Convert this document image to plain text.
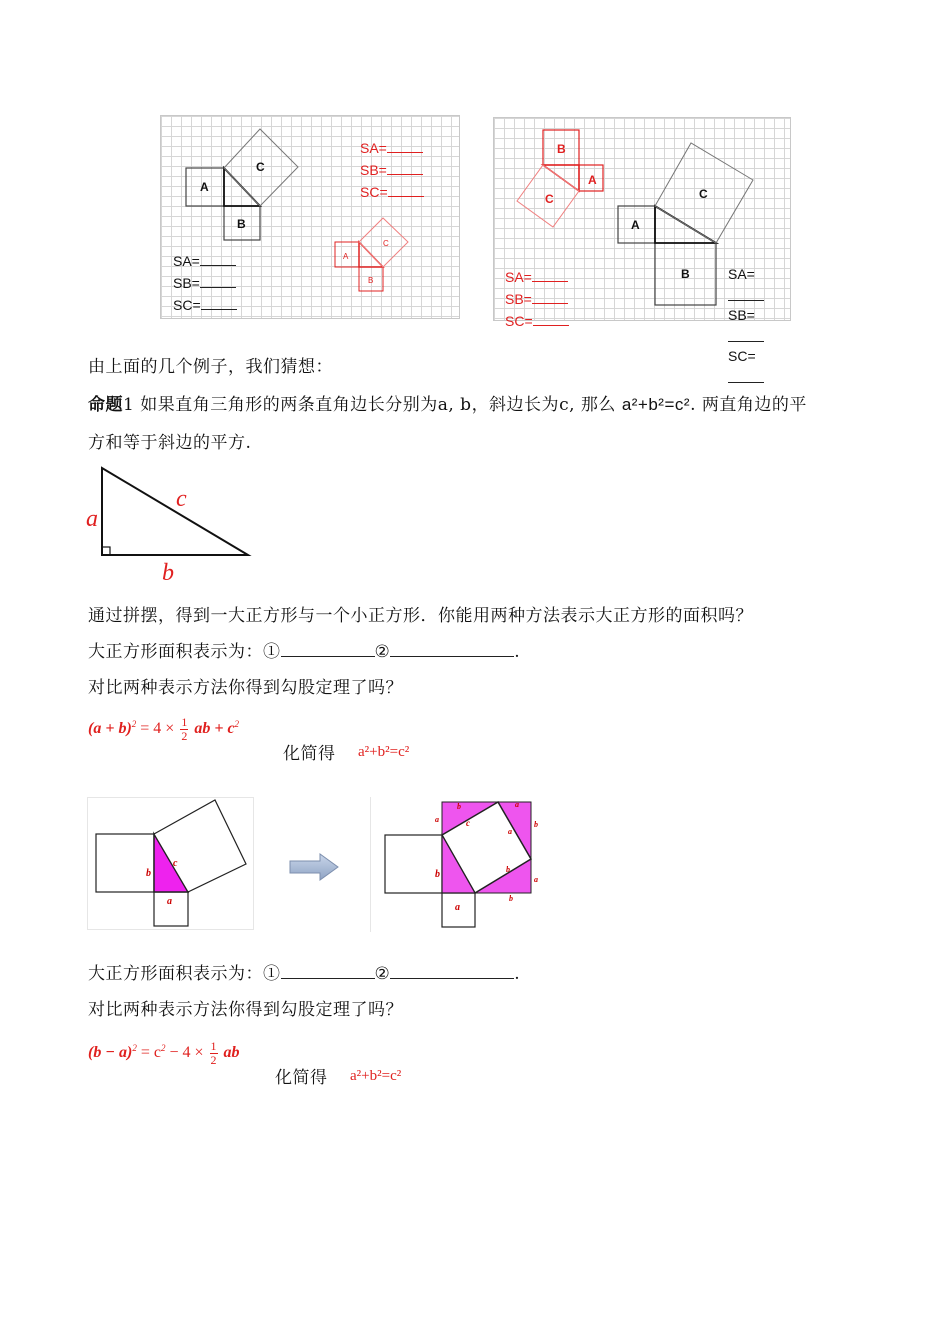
A
B
C
A
B
C
SA=
SB=
SC=
SA=
SB=
SC=
B
A
C
A
B
C
SA=
SB=
SC=
SA=
SB=
SC=
由上面的几个例子，我们猜想：
命题1 如果直角三角形的两条直角边长分别为a, b，斜边长为c, 那么 a²+b²=c². 两直角边的平
方和等于斜边的平方.
a
c
b
通过拼摆，得到一大正方形与一个小正方形．你能用两种方法表示大正方形的面积吗？
大正方形面积表示为：①	②	.
对比两种表示方法你得到勾股定理了吗？
$(a + b)^2 = 4 \times \frac{1}{2}$ ab + $c^2$
化简得 a²+b²=c²
b
c
a
b
a
c
b	a
b
a
b
a
b
a
大正方形面积表示为：①	②	.
对比两种表示方法你得到勾股定理了吗？
$(b - a)^2 = c^2 - 4 \times \frac{1}{2}$ ab
化简得 a²+b²=c²
